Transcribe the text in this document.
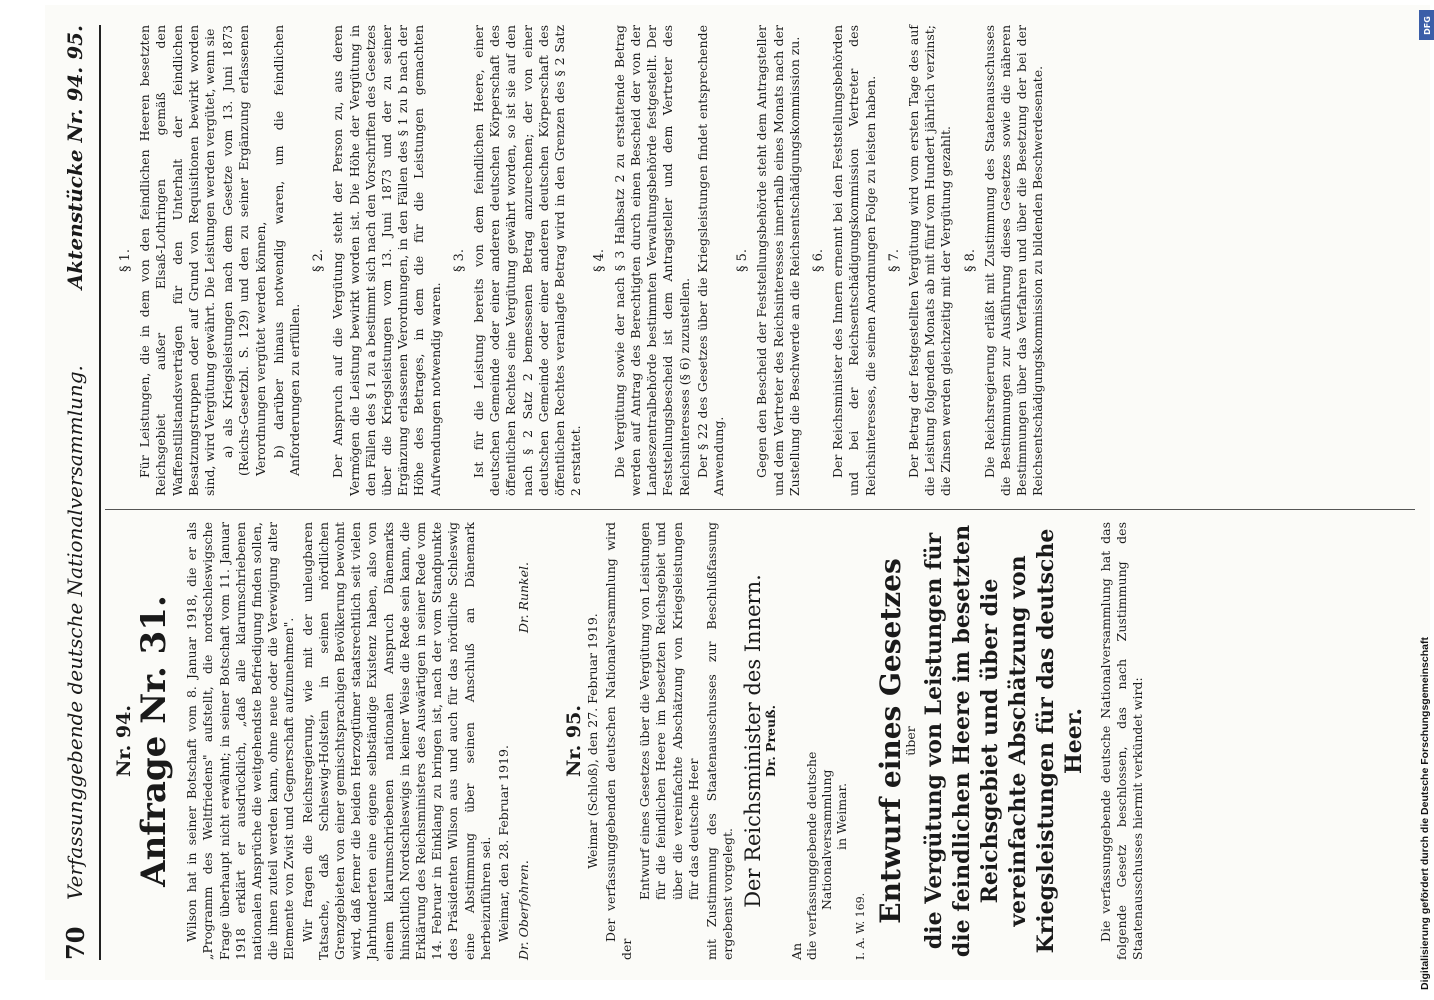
70
Verfassunggebende deutsche Nationalversammlung.
Aktenstücke Nr. 94. 95.
Nr. 94. Anfrage Nr. 31. Wilson hat in seiner Botschaft vom 8. Januar 1918, die er als „Programm des Weltfriedens" aufstellt, die nordschleswigsche Frage überhaupt nicht erwähnt; in seiner Botschaft vom 11. Januar 1918 erklärt er ausdrücklich, „daß alle klarumschriebenen nationalen Ansprüche die weitgehendste Befriedigung finden sollen, die ihnen zuteil werden kann, ohne neue oder die Verewigung alter Elemente von Zwist und Gegnerschaft aufzunehmen". Wir fragen die Reichsregierung, wie mit der unleugbaren Tatsache, daß Schleswig-Holstein in seinen nördlichen Grenzgebieten von einer gemischtsprachigen Bevölkerung bewohnt wird, daß ferner die beiden Herzogtümer staatsrechtlich seit vielen Jahrhunderten eine eigene selbständige Existenz haben, also von einem klarumschriebenen nationalen Anspruch Dänemarks hinsichtlich Nordschleswigs in keiner Weise die Rede sein kann, die Erklärung des Reichsministers des Auswärtigen in seiner Rede vom 14. Februar in Einklang zu bringen ist, nach der vom Standpunkte des Präsidenten Wilson aus und auch für das nördliche Schleswig eine Abstimmung über seinen Anschluß an Dänemark herbeizuführen sei. Weimar, den 28. Februar 1919. Dr. Oberfohren.
Dr. Runkel.
Nr. 95. Weimar (Schloß), den 27. Februar 1919. Der verfassunggebenden deutschen Nationalversammlung wird der

Entwurf eines Gesetzes über die Vergütung von Leistungen für die feindlichen Heere im besetzten Reichsgebiet und über die vereinfachte Abschätzung von Kriegsleistungen für das deutsche Heer mit Zustimmung des Staatenausschusses zur Beschlußfassung ergebenst vorgelegt. Der Reichsminister des Innern.
Dr. Preuß.
An die verfassunggebende deutsche Nationalversammlung in Weimar.
I. A. W. 169.
Entwurf eines Gesetzes
über die Vergütung von Leistungen für die feindlichen Heere im besetzten Reichsgebiet und über die vereinfachte Abschätzung von Kriegsleistungen für das deutsche Heer. Die verfassunggebende deutsche Nationalversammlung hat das folgende Gesetz beschlossen, das nach Zustimmung des Staatenausschusses hiermit verkündet wird:

§ 1. Für Leistungen, die in dem von den feindlichen Heeren besetzten Reichsgebiet außer Elsaß-Lothringen gemäß den Waffenstillstandsverträgen für den Unterhalt der feindlichen Besatzungstruppen oder auf Grund von Requisitionen bewirkt worden sind, wird Vergütung gewährt. Die Leistungen werden vergütet, wenn sie a) als Kriegsleistungen nach dem Gesetze vom 13. Juni 1873 (Reichs-Gesetzbl. S. 129) und den zu seiner Ergänzung erlassenen Verordnungen vergütet werden können, b) darüber hinaus notwendig waren, um die feindlichen Anforderungen zu erfüllen.

§ 2. Der Anspruch auf die Vergütung steht der Person zu, aus deren Vermögen die Leistung bewirkt worden ist. Die Höhe der Vergütung in den Fällen des § 1 zu a bestimmt sich nach den Vorschriften des Gesetzes über die Kriegsleistungen vom 13. Juni 1873 und der zu seiner Ergänzung erlassenen Verordnungen, in den Fällen des § 1 zu b nach der Höhe des Betrages, in dem die für die Leistungen gemachten Aufwendungen notwendig waren.

§ 3. Ist für die Leistung bereits von dem feindlichen Heere, einer deutschen Gemeinde oder einer anderen deutschen Körperschaft des öffentlichen Rechtes eine Vergütung gewährt worden, so ist sie auf den nach § 2 Satz 2 bemessenen Betrag anzurechnen; der von einer deutschen Gemeinde oder einer anderen deutschen Körperschaft des öffentlichen Rechtes veranlagte Betrag wird in den Grenzen des § 2 Satz 2 erstattet.

§ 4. Die Vergütung sowie der nach § 3 Halbsatz 2 zu erstattende Betrag werden auf Antrag des Berechtigten durch einen Bescheid der von der Landeszentralbehörde bestimmten Verwaltungsbehörde festgestellt. Der Feststellungsbescheid ist dem Antragsteller und dem Vertreter des Reichsinteresses (§ 6) zuzustellen. Der § 22 des Gesetzes über die Kriegsleistungen findet entsprechende Anwendung.

§ 5. Gegen den Bescheid der Feststellungsbehörde steht dem Antragsteller und dem Vertreter des Reichsinteresses innerhalb eines Monats nach der Zustellung die Beschwerde an die Reichsentschädigungskommission zu. § 6. Der Reichsminister des Innern ernennt bei den Feststellungsbehörden und bei der Reichsentschädigungskommission Vertreter des Reichsinteresses, die seinen Anordnungen Folge zu leisten haben. § 7. Der Betrag der festgestellten Vergütung wird vom ersten Tage des auf die Leistung folgenden Monats ab mit fünf vom Hundert jährlich verzinst; die Zinsen werden gleichzeitig mit der Vergütung gezahlt. § 8. Die Reichsregierung erläßt mit Zustimmung des Staatenausschusses die Bestimmungen zur Ausführung dieses Gesetzes sowie die näheren Bestimmungen über das Verfahren und über die Besetzung der bei der Reichsentschädigungskommission zu bildenden Beschwerdesenate.

DFG
Digitalisierung gefördert durch die Deutsche Forschungsgemeinschaft
